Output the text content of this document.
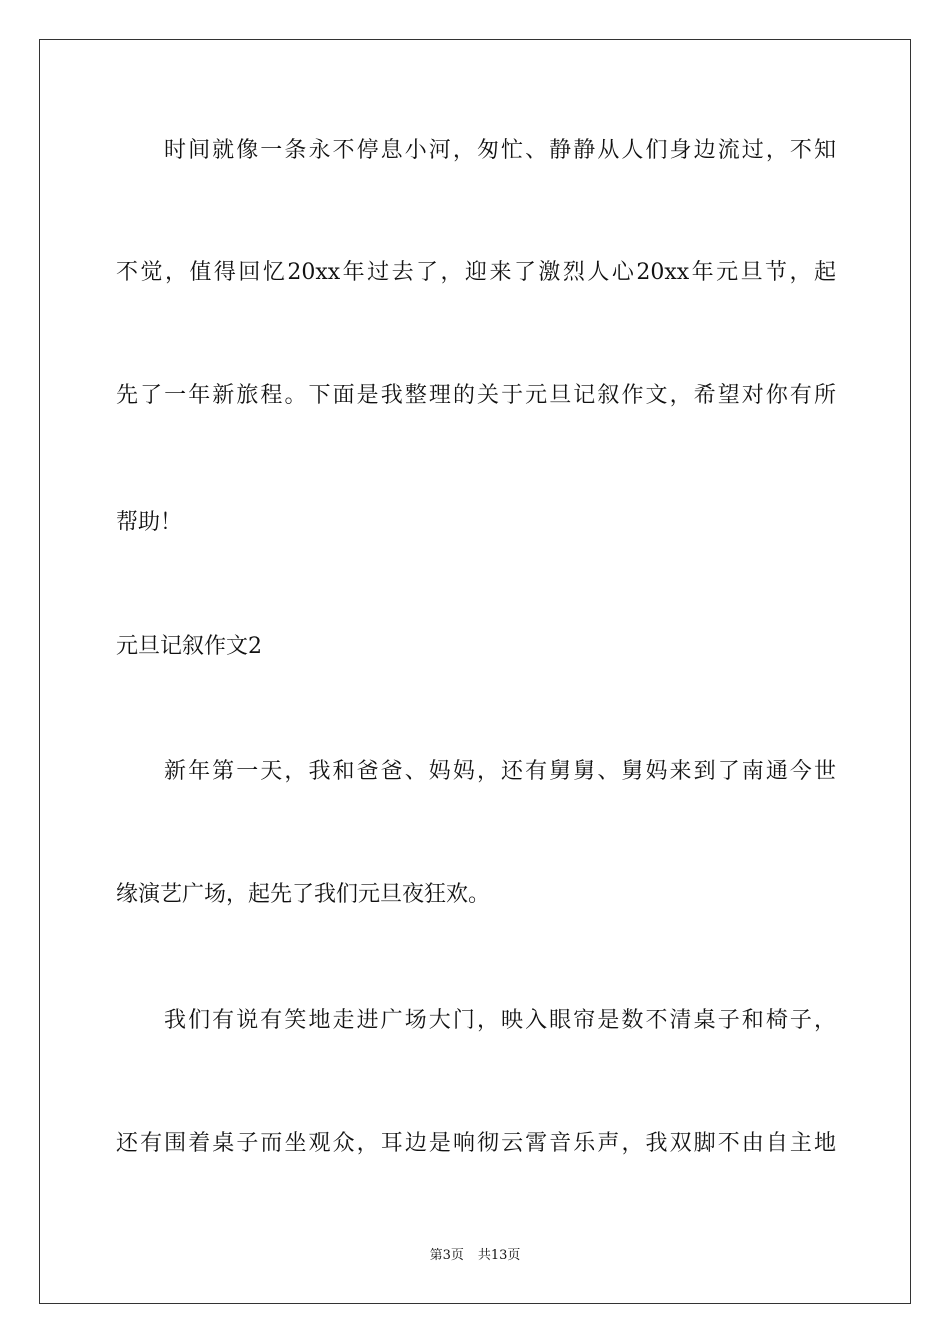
时间就像一条永不停息小河，匆忙、静静从人们身边流过，不知

不觉，值得回忆20xx年过去了，迎来了激烈人心20xx年元旦节，起

先了一年新旅程。下面是我整理的关于元旦记叙作文，希望对你有所

帮助！

元旦记叙作文2

新年第一天，我和爸爸、妈妈，还有舅舅、舅妈来到了南通今世

缘演艺广场，起先了我们元旦夜狂欢。

我们有说有笑地走进广场大门，映入眼帘是数不清桌子和椅子，

还有围着桌子而坐观众，耳边是响彻云霄音乐声，我双脚不由自主地

第3页 共13页
